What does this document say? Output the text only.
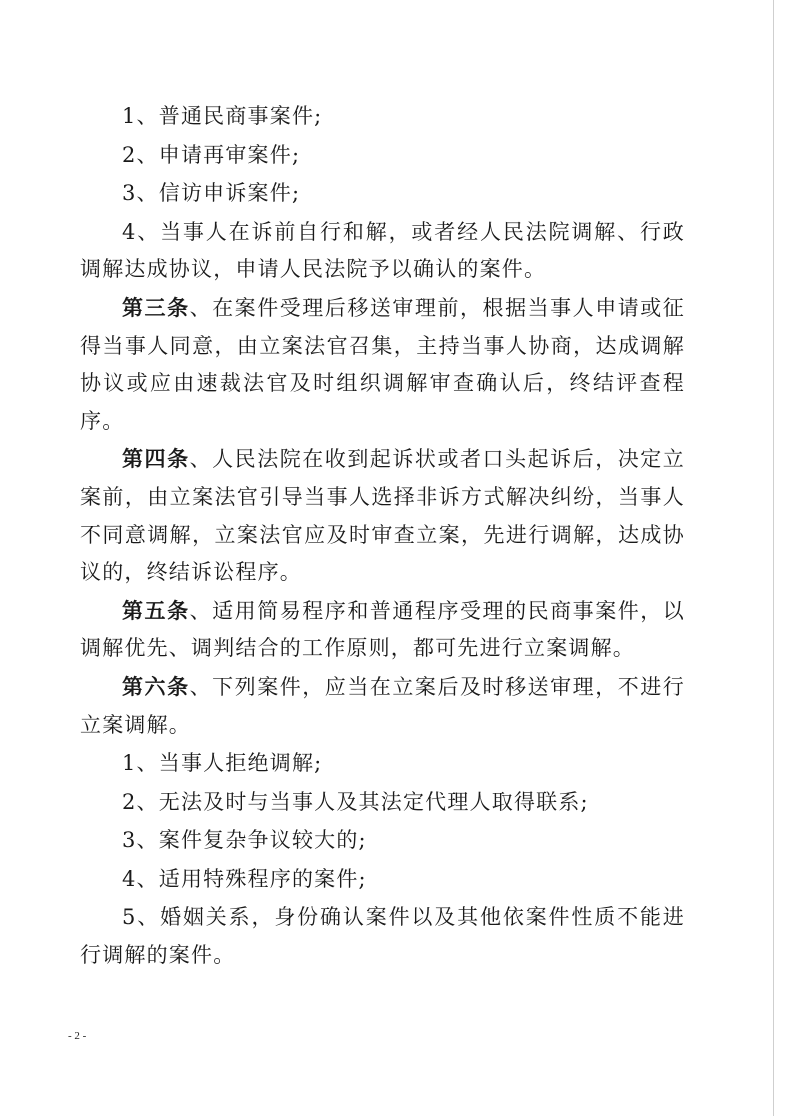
1、普通民商事案件;

2、申请再审案件;

3、信访申诉案件;

4、当事人在诉前自行和解，或者经人民法院调解、行政调解达成协议，申请人民法院予以确认的案件。

第三条、在案件受理后移送审理前，根据当事人申请或征得当事人同意，由立案法官召集，主持当事人协商，达成调解协议或应由速裁法官及时组织调解审查确认后，终结评查程序。

第四条、人民法院在收到起诉状或者口头起诉后，决定立案前，由立案法官引导当事人选择非诉方式解决纠纷，当事人不同意调解，立案法官应及时审查立案，先进行调解，达成协议的，终结诉讼程序。

第五条、适用简易程序和普通程序受理的民商事案件，以调解优先、调判结合的工作原则，都可先进行立案调解。

第六条、下列案件，应当在立案后及时移送审理，不进行立案调解。

1、当事人拒绝调解;

2、无法及时与当事人及其法定代理人取得联系;

3、案件复杂争议较大的;

4、适用特殊程序的案件;

5、婚姻关系，身份确认案件以及其他依案件性质不能进行调解的案件。

- 2 -
